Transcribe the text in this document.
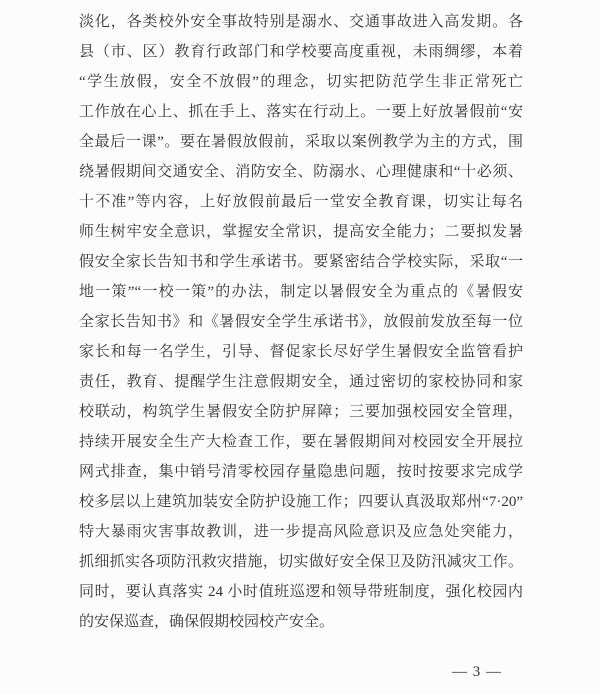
淡化，各类校外安全事故特别是溺水、交通事故进入高发期。各
县（市、区）教育行政部门和学校要高度重视，未雨绸缪，本着
“学生放假，安全不放假”的理念，切实把防范学生非正常死亡
工作放在心上、抓在手上、落实在行动上。一要上好放暑假前“安
全最后一课”。要在暑假放假前，采取以案例教学为主的方式，围
绕暑假期间交通安全、消防安全、防溺水、心理健康和“十必须、
十不准”等内容，上好放假前最后一堂安全教育课，切实让每名
师生树牢安全意识，掌握安全常识，提高安全能力；二要拟发暑
假安全家长告知书和学生承诺书。要紧密结合学校实际，采取“一
地一策”“一校一策”的办法，制定以暑假安全为重点的《暑假安
全家长告知书》和《暑假安全学生承诺书》，放假前发放至每一位
家长和每一名学生，引导、督促家长尽好学生暑假安全监管看护
责任，教育、提醒学生注意假期安全，通过密切的家校协同和家
校联动，构筑学生暑假安全防护屏障；三要加强校园安全管理，
持续开展安全生产大检查工作，要在暑假期间对校园安全开展拉
网式排查，集中销号清零校园存量隐患问题，按时按要求完成学
校多层以上建筑加装安全防护设施工作；四要认真汲取郑州“7·20”
特大暴雨灾害事故教训，进一步提高风险意识及应急处突能力，
抓细抓实各项防汛救灾措施，切实做好安全保卫及防汛减灾工作。
同时，要认真落实 24 小时值班巡逻和领导带班制度，强化校园内
的安保巡查，确保假期校园校产安全。
— 3 —
